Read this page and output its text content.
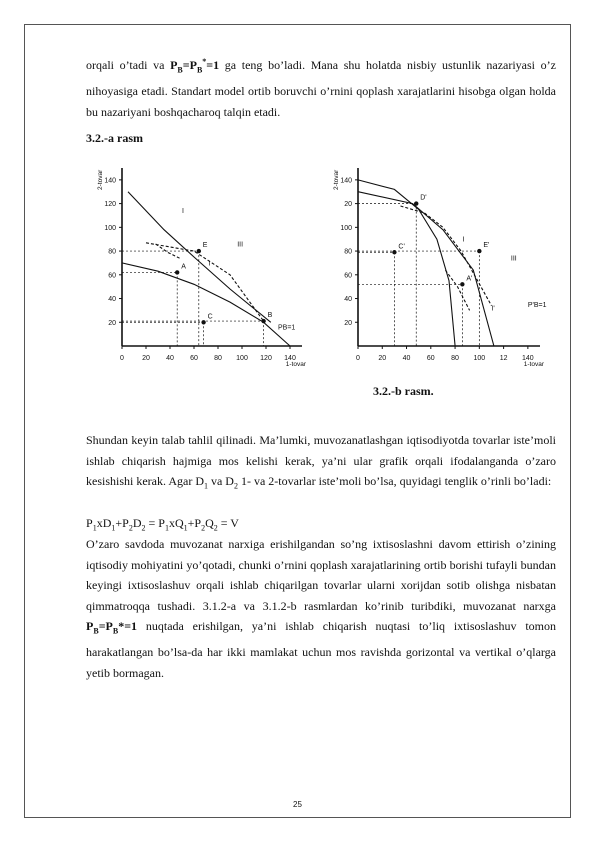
orqali o’tadi va $P_B=P_B^*=1$ ga teng bo’ladi. Mana shu holatda nisbiy ustunlik nazariyasi o’z nihoyasiga etadi. Standart model ortib boruvchi o’rnini qoplash xarajatlarini hisobga olgan holda bu nazariyani boshqacharoq talqin etadi.

3.2.-a rasm

0	20 40 60 80 100 120 140
20
40
60
80
100
120
140
1-tovar
2-tovar
A
E
B
C
I
I
III
PB=1
0	20 40 60 80 100 12 140
20
40
60
80
100
20
140
1-tovar
2-tovar
D'
C'	E'
A'
I
III
I'
P'B=1

3.2.-b rasm.

Shundan keyin talab tahlil qilinadi. Ma’lumki, muvozanatlashgan iqtisodiyotda tovarlar iste’moli ishlab chiqarish hajmiga mos kelishi kerak, ya’ni ular grafik orqali ifodalanganda o’zaro kesishishi kerak. Agar $D_1$ va $D_2$ 1- va 2-tovarlar iste’moli bo’lsa, quyidagi tenglik o’rinli bo’ladi:

$P_1xD_1+P_2D_2 = P_1xQ_1+P_2Q_2 = V$

O’zaro savdoda muvozanat narxiga erishilgandan so’ng ixtisoslashni davom ettirish o’zining iqtisodiy mohiyatini yo’qotadi, chunki o’rnini qoplash xarajatlarining ortib borishi tufayli bundan keyingi ixtisoslashuv orqali ishlab chiqarilgan tovarlar ularni xorijdan sotib olishga nisbatan qimmatroqqa tushadi. 3.1.2-a va 3.1.2-b rasmlardan ko’rinib turibdiki, muvozanat narxga $P_B=P_B*=1$ nuqtada erishilgan, ya’ni ishlab chiqarish nuqtasi to’liq ixtisoslashuv tomon harakatlangan bo’lsa-da har ikki mamlakat uchun mos ravishda gorizontal va vertikal o’qlarga yetib bormagan.

25
